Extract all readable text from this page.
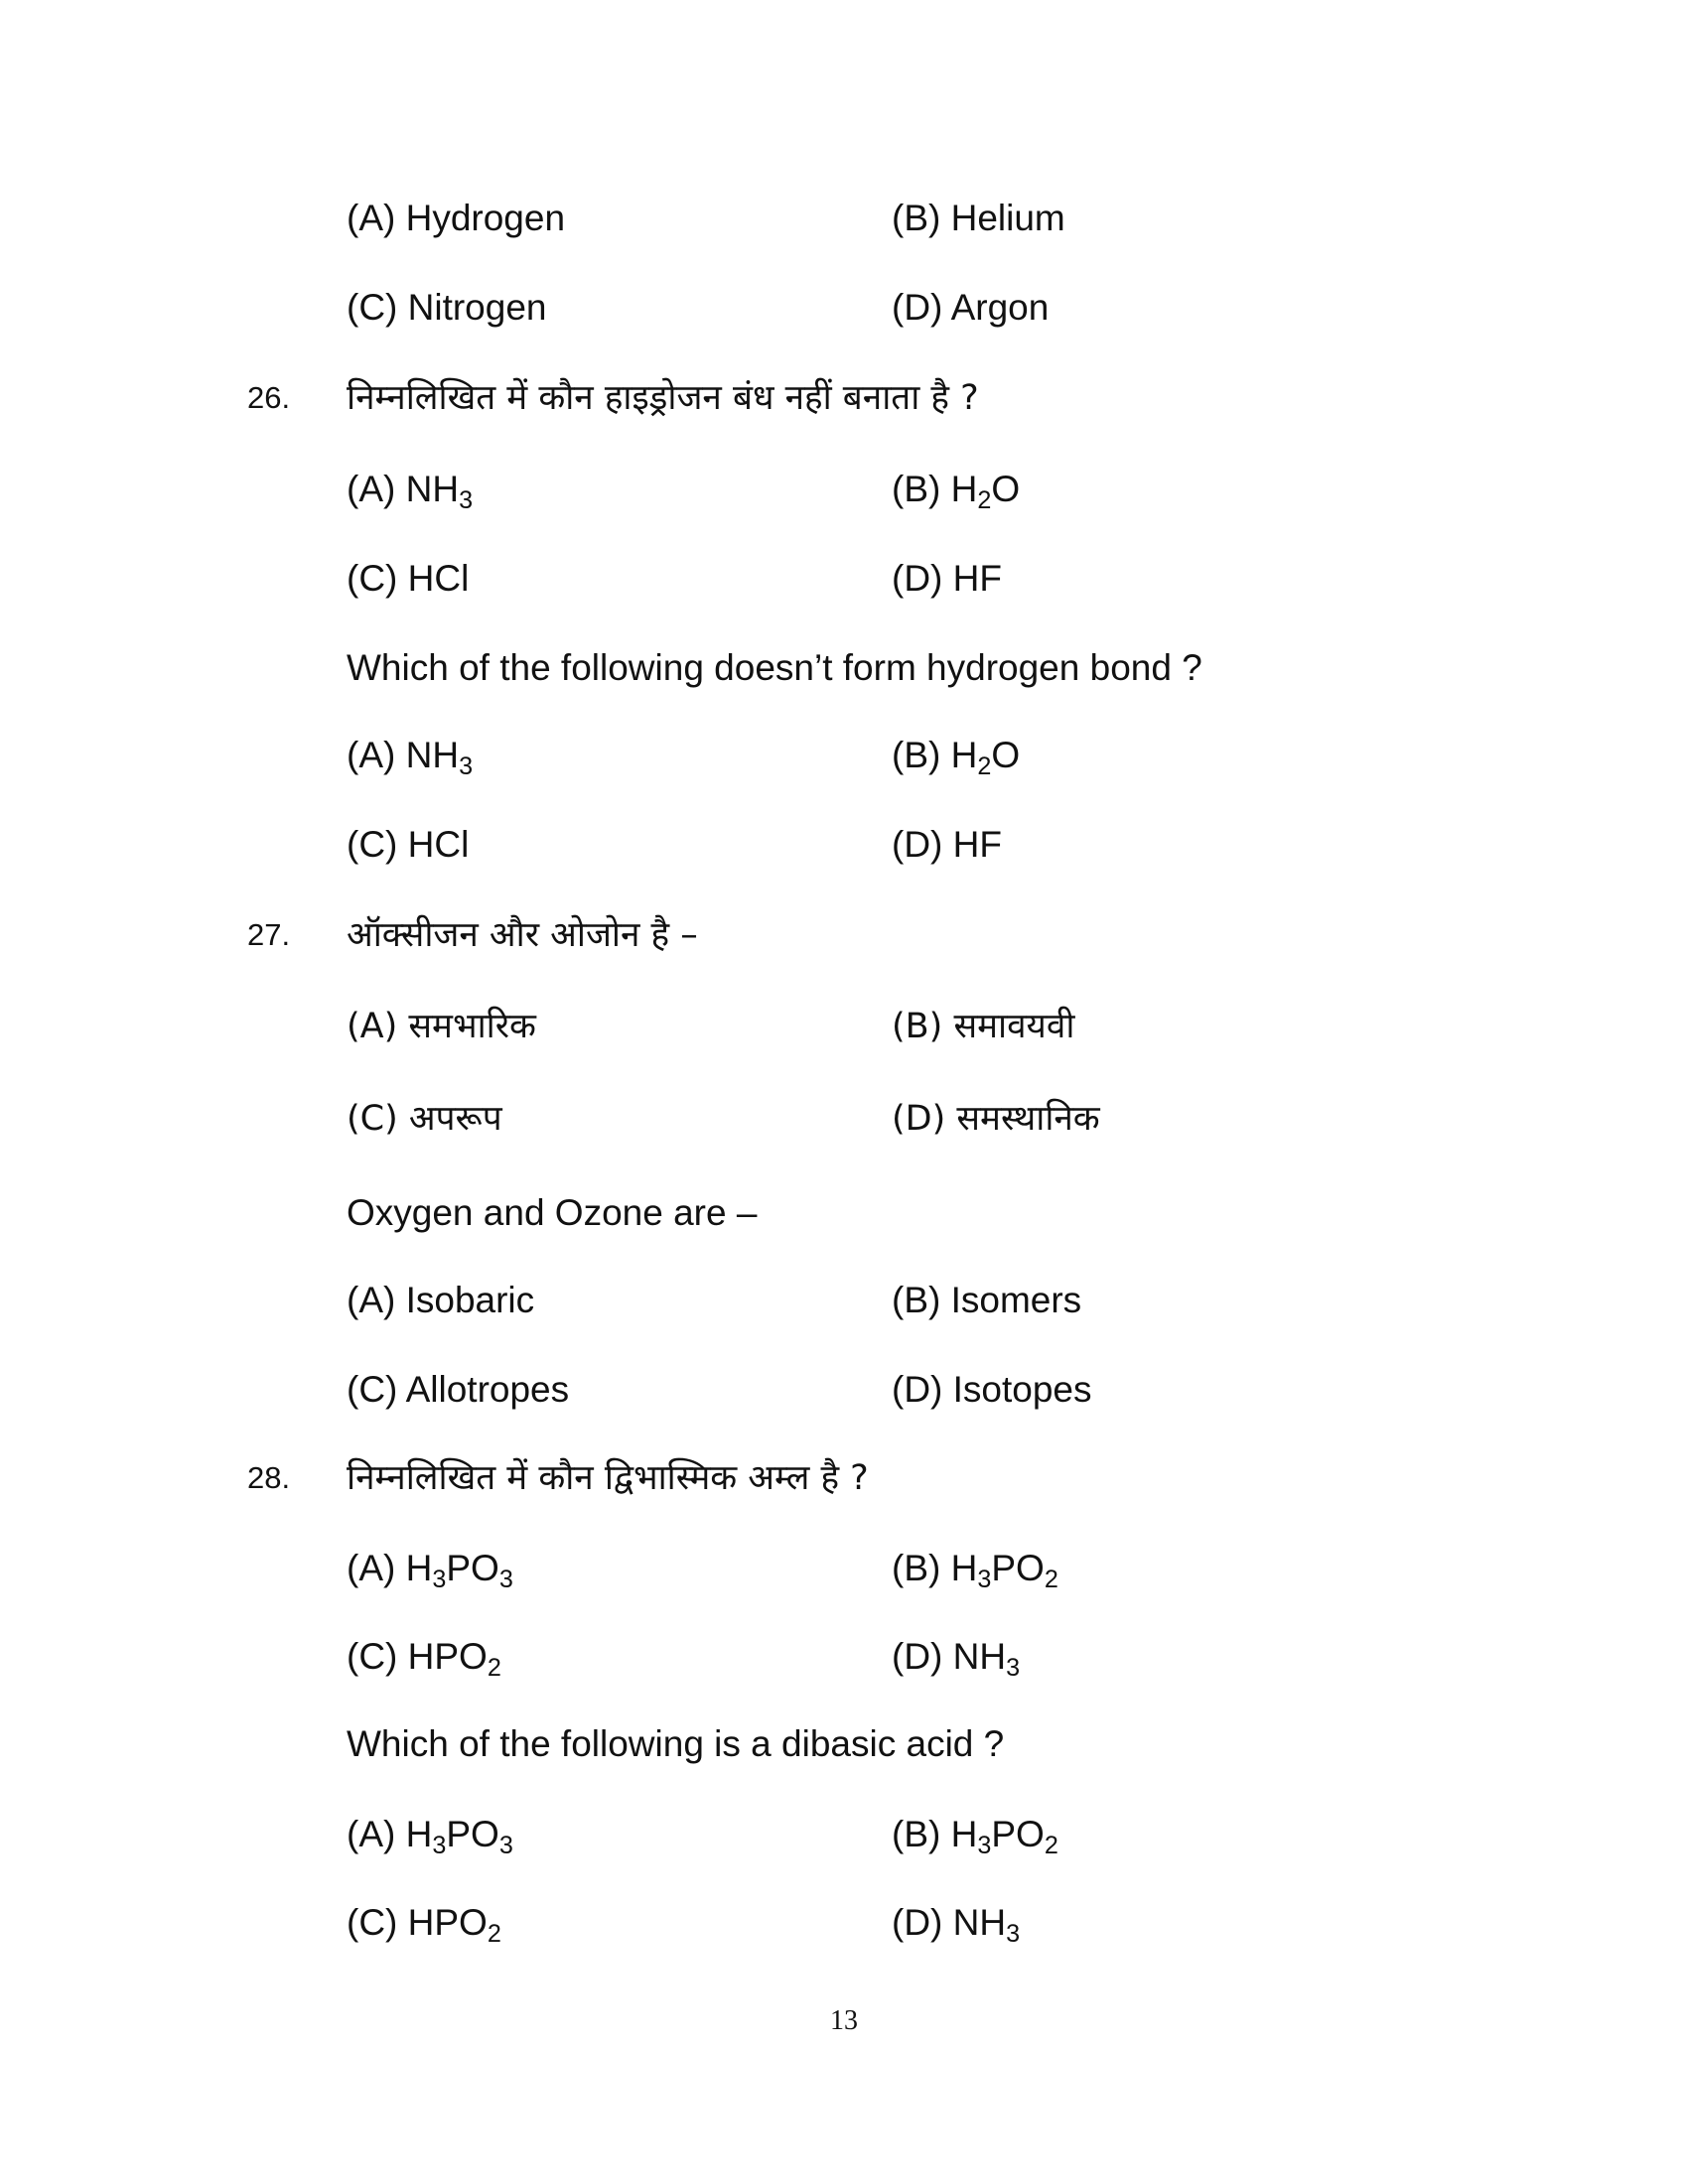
(A) Hydrogen	(B) Helium
(C) Nitrogen	(D) Argon
26. निम्नलिखित में कौन हाइड्रोजन बंध नहीं बनाता है ?
(A) $NH_3$	(B) $H_2O$
(C) HCl	(D) HF
Which of the following doesn’t form hydrogen bond ?
(A) $NH_3$	(B) $H_2O$
(C) HCl	(D) HF
27. ऑक्सीजन और ओजोन है –
(A) समभारिक	(B) समावयवी
(C) अपरूप	(D) समस्थानिक
Oxygen and Ozone are –
(A) Isobaric	(B) Isomers
(C) Allotropes	(D) Isotopes
28. निम्नलिखित में कौन द्विभास्मिक अम्ल है ?
(A) $H_3PO_3$	(B) $H_3PO_2$
(C) $HPO_2$	(D) $NH_3$
Which of the following is a dibasic acid ?
(A) $H_3PO_3$	(B) $H_3PO_2$
(C) $HPO_2$	(D) $NH_3$
13
